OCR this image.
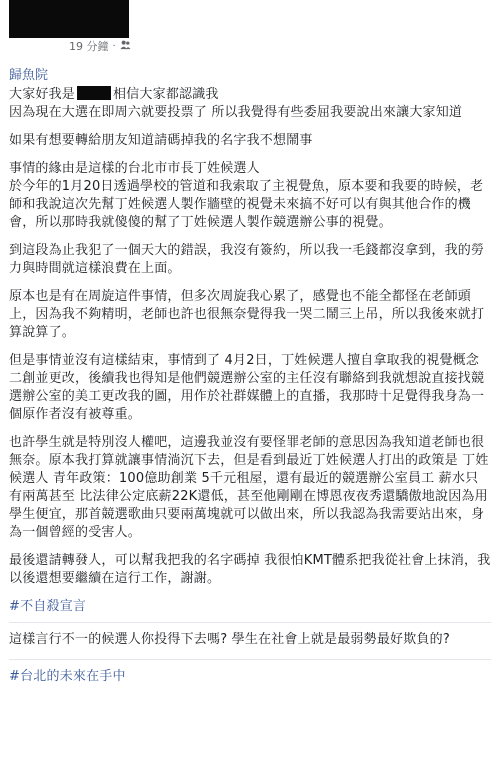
19 分鐘 ·
歸魚院

大家好我是	相信大家都認識我
因為現在大選在即周六就要投票了 所以我覺得有些委屈我要說出來讓大家知道

如果有想要轉給朋友知道請碼掉我的名字我不想鬧事

事情的緣由是這樣的台北市市長丁姓候選人
於今年的1月20日透過學校的管道和我索取了主視覺魚，原本要和我要的時候，老師和我說這次先幫丁姓候選人製作牆壁的視覺未來搞不好可以有與其他合作的機會，所以那時我就傻傻的幫了丁姓候選人製作競選辦公事的視覺。

到這段為止我犯了一個天大的錯誤，我沒有簽約，所以我一毛錢都沒拿到，我的勞力與時間就這樣浪費在上面。

原本也是有在周旋這件事情，但多次周旋我心累了，感覺也不能全都怪在老師頭上，因為我不夠精明，老師也許也很無奈覺得我一哭二鬧三上吊，所以我後來就打算說算了。

但是事情並沒有這樣結束，事情到了 4月2日，丁姓候選人擅自拿取我的視覺概念二創並更改，後續我也得知是他們競選辦公室的主任沒有聯絡到我就想說直接找競選辦公室的美工更改我的圖，用作於社群媒體上的直播，我那時十足覺得我身為一個原作者沒有被尊重。

也許學生就是特別沒人權吧，這邊我並沒有要怪罪老師的意思因為我知道老師也很無奈。原本我打算就讓事情淌沉下去，但是看到最近丁姓候選人打出的政策是 丁姓候選人 青年政策：100億助創業 5千元租屋，還有最近的競選辦公室員工 薪水只有兩萬甚至 比法律公定底薪22K還低，甚至他剛剛在博恩夜夜秀還驕傲地說因為用學生便宜，那首競選歌曲只要兩萬塊就可以做出來，所以我認為我需要站出來，身為一個曾經的受害人。

最後還請轉發人，可以幫我把我的名字碼掉 我很怕KMT體系把我從社會上抹消，我以後還想要繼續在這行工作，謝謝。

#不自殺宣言

這樣言行不一的候選人你投得下去嗎? 學生在社會上就是最弱勢最好欺負的?

#台北的未來在手中
